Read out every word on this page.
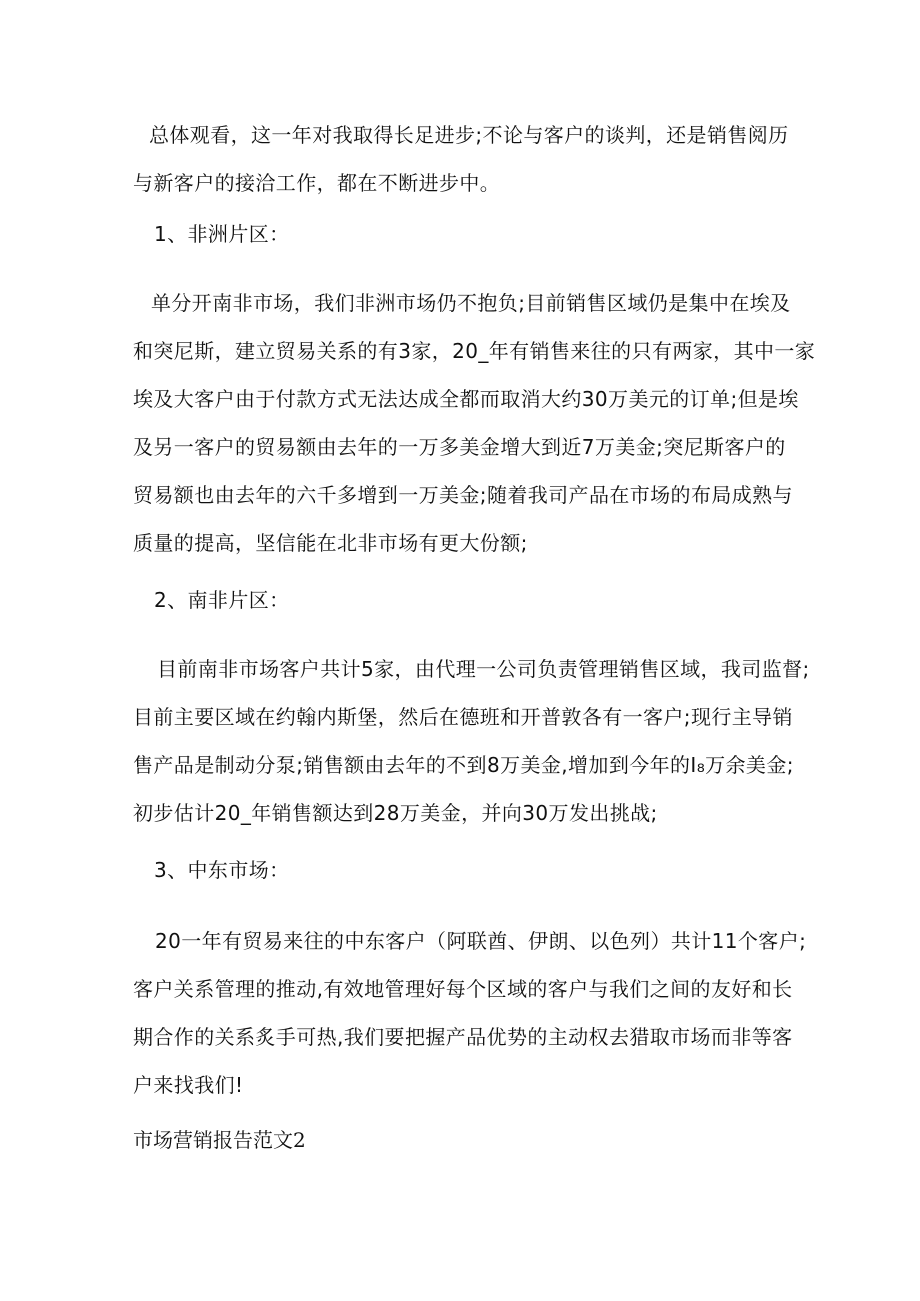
总体观看，这一年对我取得长足进步;不论与客户的谈判，还是销售阅历
与新客户的接洽工作，都在不断进步中。
1、非洲片区：
单分开南非市场，我们非洲市场仍不抱负;目前销售区域仍是集中在埃及
和突尼斯，建立贸易关系的有3家，20_年有销售来往的只有两家，其中一家
埃及大客户由于付款方式无法达成全都而取消大约30万美元的订单;但是埃
及另一客户的贸易额由去年的一万多美金增大到近7万美金;突尼斯客户的
贸易额也由去年的六千多增到一万美金;随着我司产品在市场的布局成熟与
质量的提高，坚信能在北非市场有更大份额;
2、南非片区：
目前南非市场客户共计5家，由代理一公司负责管理销售区域，我司监督;
目前主要区域在约翰内斯堡，然后在德班和开普敦各有一客户;现行主导销
售产品是制动分泵;销售额由去年的不到8万美金,增加到今年的I₈万余美金;
初步估计20_年销售额达到28万美金，并向30万发出挑战;
3、中东市场：
20一年有贸易来往的中东客户（阿联酋、伊朗、以色列）共计11个客户;
客户关系管理的推动,有效地管理好每个区域的客户与我们之间的友好和长
期合作的关系炙手可热,我们要把握产品优势的主动权去猎取市场而非等客
户来找我们!
市场营销报告范文2
